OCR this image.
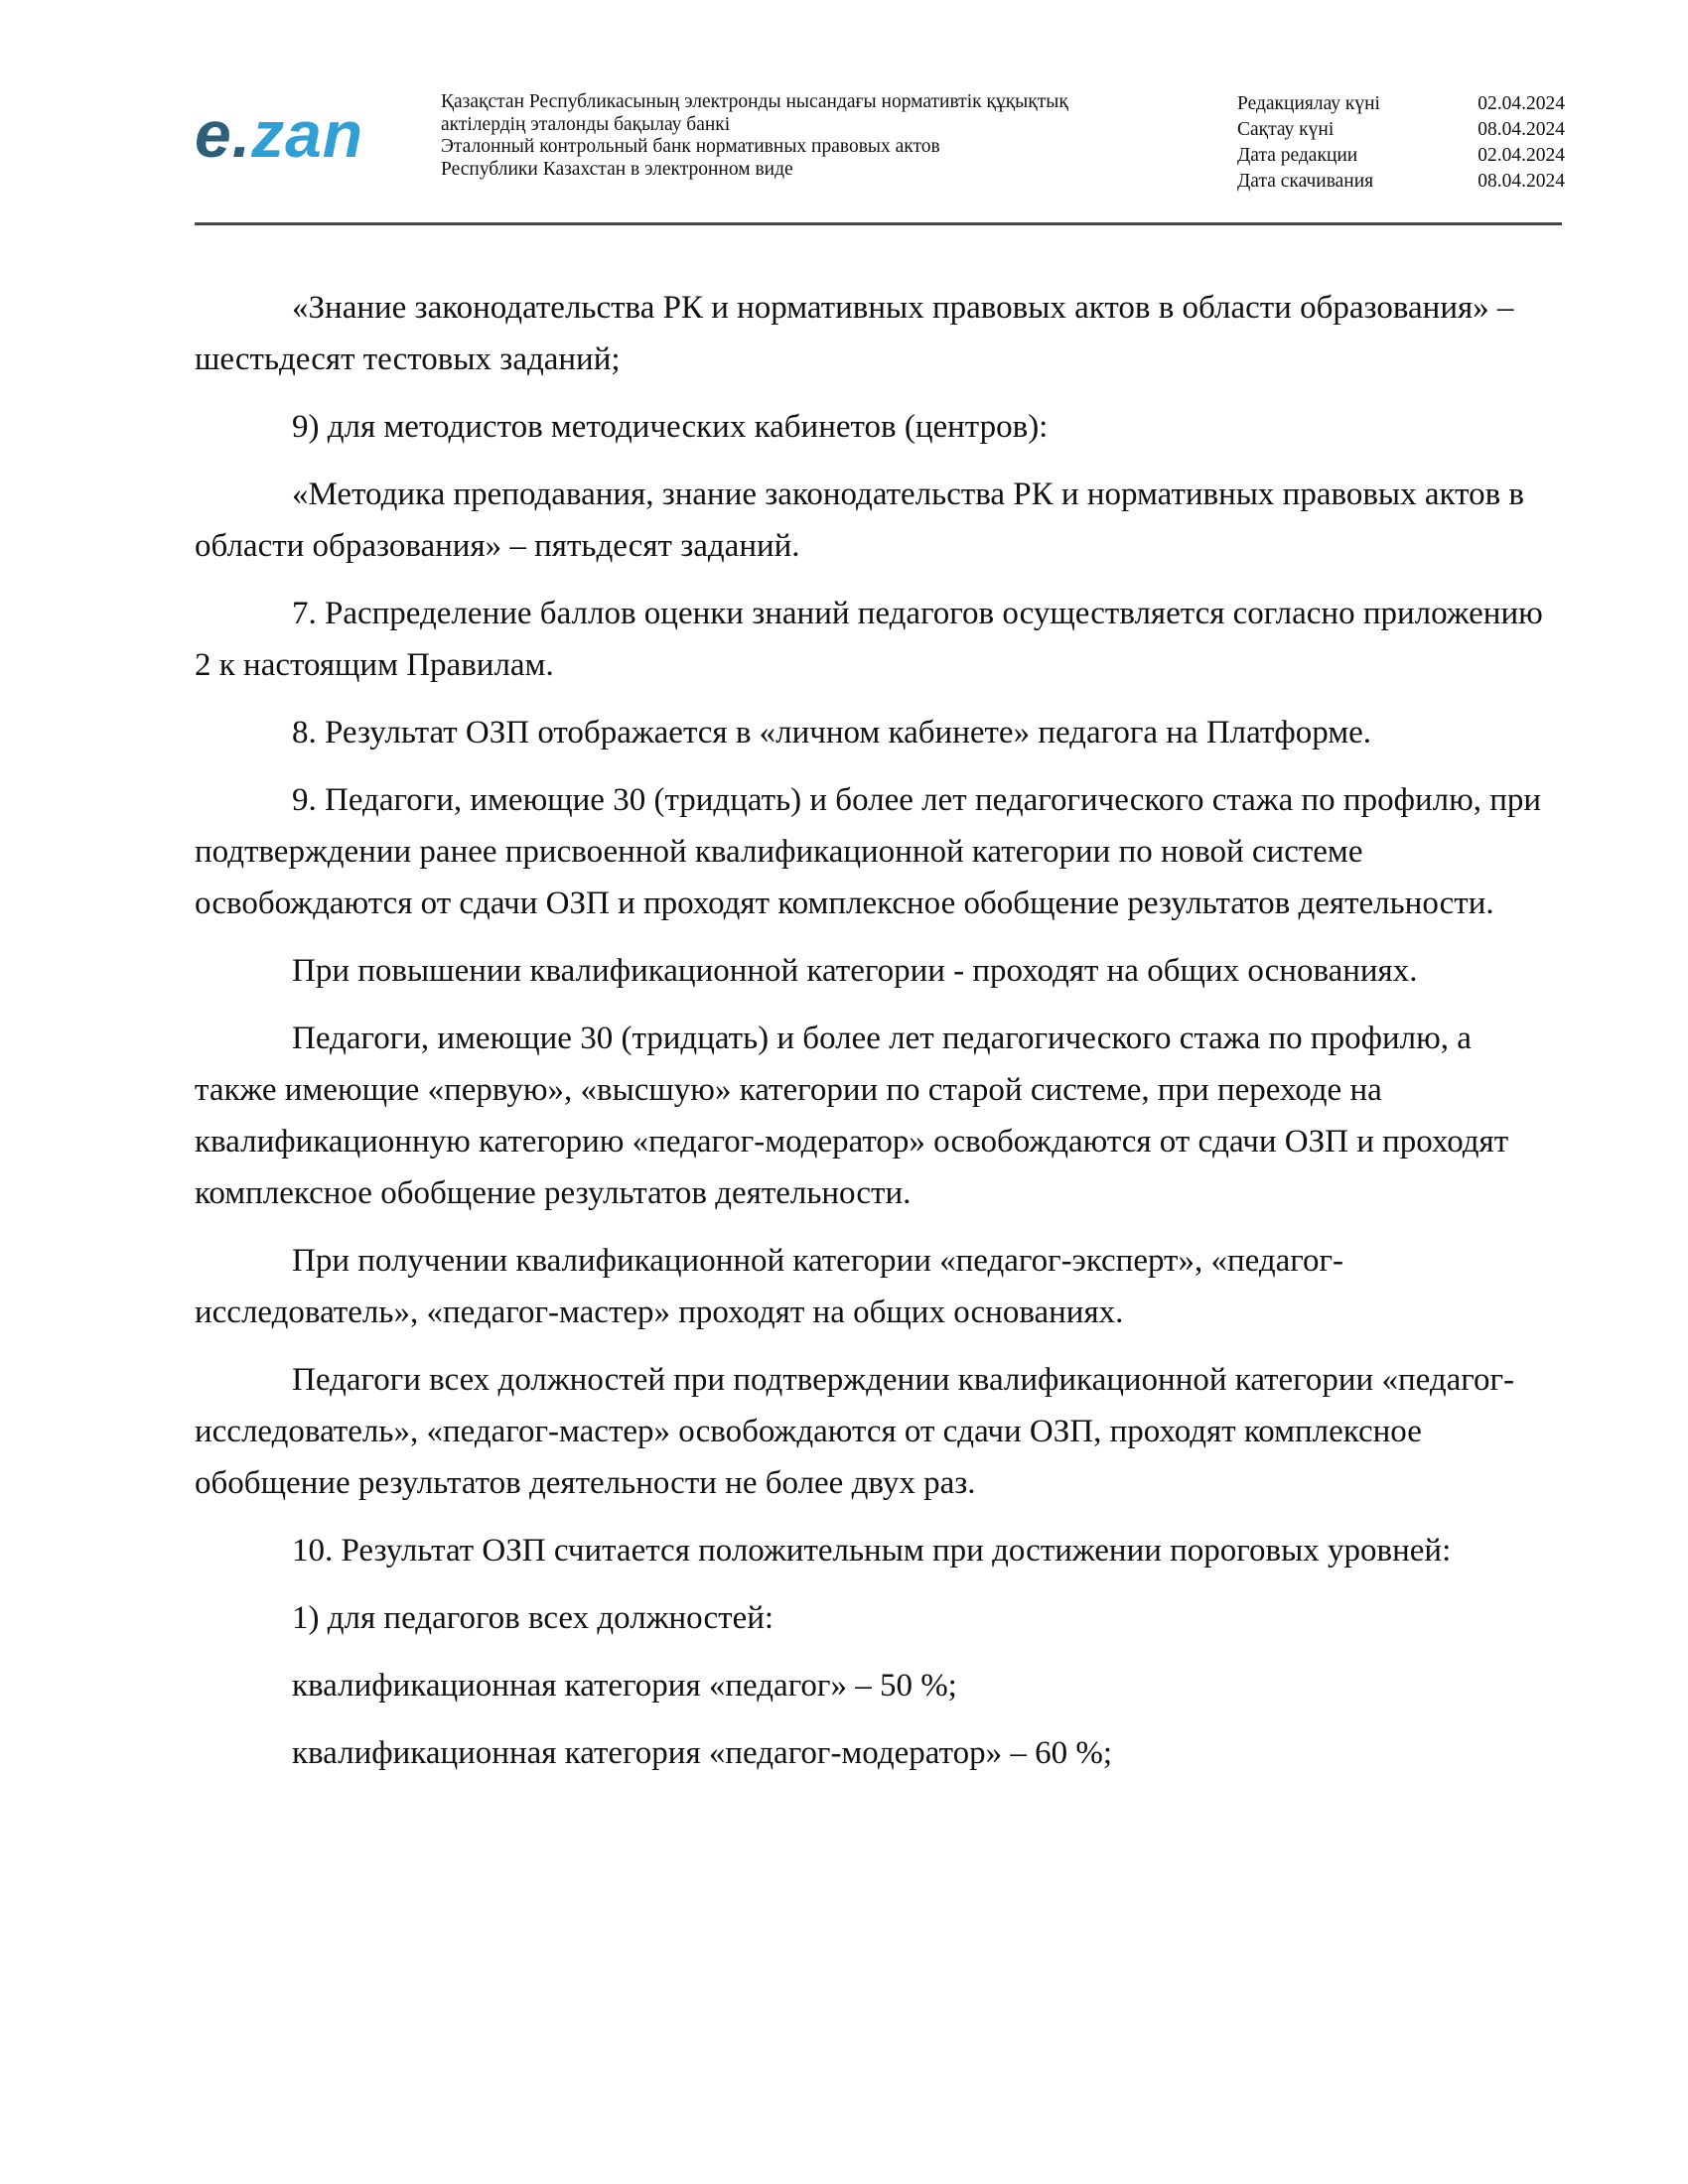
e.zan	Қазақстан Республикасының электронды нысандағы нормативтік құқықтық
актілердің эталонды бақылау банкі
Эталонный контрольный банк нормативных правовых актов
Республики Казахстан в электронном виде
Редакциялау күні	02.04.2024
Сақтау күні	08.04.2024
Дата редакции	02.04.2024
Дата скачивания	08.04.2024

«Знание законодательства РК и нормативных правовых актов в области образования» – шестьдесят тестовых заданий;

9) для методистов методических кабинетов (центров):

«Методика преподавания, знание законодательства РК и нормативных правовых актов в области образования» – пятьдесят заданий.

7. Распределение баллов оценки знаний педагогов осуществляется согласно приложению 2 к настоящим Правилам.

8. Результат ОЗП отображается в «личном кабинете» педагога на Платформе.

9. Педагоги, имеющие 30 (тридцать) и более лет педагогического стажа по профилю, при подтверждении ранее присвоенной квалификационной категории по новой системе освобождаются от сдачи ОЗП и проходят комплексное обобщение результатов деятельности.

При повышении квалификационной категории - проходят на общих основаниях.

Педагоги, имеющие 30 (тридцать) и более лет педагогического стажа по профилю, а также имеющие «первую», «высшую» категории по старой системе, при переходе на квалификационную категорию «педагог-модератор» освобождаются от сдачи ОЗП и проходят комплексное обобщение результатов деятельности.

При получении квалификационной категории «педагог-эксперт», «педагог-исследователь», «педагог-мастер» проходят на общих основаниях.

Педагоги всех должностей при подтверждении квалификационной категории «педагог-исследователь», «педагог-мастер» освобождаются от сдачи ОЗП, проходят комплексное обобщение результатов деятельности не более двух раз.

10. Результат ОЗП считается положительным при достижении пороговых уровней:

1) для педагогов всех должностей:

квалификационная категория «педагог» – 50 %;

квалификационная категория «педагог-модератор» – 60 %;
